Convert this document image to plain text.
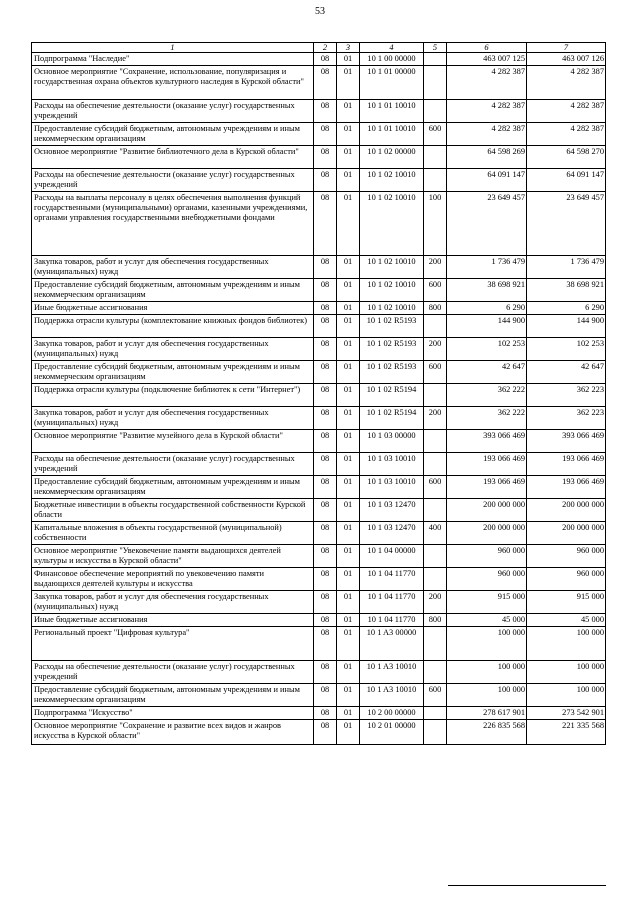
53
1	2	3	4	5	6	7
Подпрограмма "Наследие"	08	01	10 1 00 00000		463 007 125	463 007 126
Основное мероприятие "Сохранение, использование, популяризация и государственная охрана объектов культурного наследия в Курской области"	08	01	10 1 01 00000		4 282 387	4 282 387
Расходы на обеспечение деятельности (оказание услуг) государственных учреждений	08	01	10 1 01 10010		4 282 387	4 282 387
Предоставление субсидий бюджетным, автономным учреждениям и иным некоммерческим организациям	08	01	10 1 01 10010	600	4 282 387	4 282 387
Основное мероприятие "Развитие библиотечного дела в Курской области"	08	01	10 1 02 00000		64 598 269	64 598 270
Расходы на обеспечение деятельности (оказание услуг) государственных учреждений	08	01	10 1 02 10010		64 091 147	64 091 147
Расходы на выплаты персоналу в целях обеспечения выполнения функций государственными (муниципальными) органами, казенными учреждениями, органами управления государственными внебюджетными фондами	08	01	10 1 02 10010	100	23 649 457	23 649 457
Закупка товаров, работ и услуг для обеспечения государственных (муниципальных) нужд	08	01	10 1 02 10010	200	1 736 479	1 736 479
Предоставление субсидий бюджетным, автономным учреждениям и иным некоммерческим организациям	08	01	10 1 02 10010	600	38 698 921	38 698 921
Иные бюджетные ассигнования	08	01	10 1 02 10010	800	6 290	6 290
Поддержка отрасли культуры (комплектование книжных фондов библиотек)	08	01	10 1 02 R5193		144 900	144 900
Закупка товаров, работ и услуг для обеспечения государственных (муниципальных) нужд	08	01	10 1 02 R5193	200	102 253	102 253
Предоставление субсидий бюджетным, автономным учреждениям и иным некоммерческим организациям	08	01	10 1 02 R5193	600	42 647	42 647
Поддержка отрасли культуры (подключение библиотек к сети "Интернет")	08	01	10 1 02 R5194		362 222	362 223
Закупка товаров, работ и услуг для обеспечения государственных (муниципальных) нужд	08	01	10 1 02 R5194	200	362 222	362 223
Основное мероприятие "Развитие музейного дела в Курской области"	08	01	10 1 03 00000		393 066 469	393 066 469
Расходы на обеспечение деятельности (оказание услуг) государственных учреждений	08	01	10 1 03 10010		193 066 469	193 066 469
Предоставление субсидий бюджетным, автономным учреждениям и иным некоммерческим организациям	08	01	10 1 03 10010	600	193 066 469	193 066 469
Бюджетные инвестиции в объекты государственной собственности Курской области	08	01	10 1 03 12470		200 000 000	200 000 000
Капитальные вложения в объекты государственной (муниципальной) собственности	08	01	10 1 03 12470	400	200 000 000	200 000 000
Основное мероприятие "Увековечение памяти выдающихся деятелей культуры и искусства в Курской области"	08	01	10 1 04 00000		960 000	960 000
Финансовое обеспечение мероприятий по увековечению памяти выдающихся деятелей культуры и искусства	08	01	10 1 04 11770		960 000	960 000
Закупка товаров, работ и услуг для обеспечения государственных (муниципальных) нужд	08	01	10 1 04 11770	200	915 000	915 000
Иные бюджетные ассигнования	08	01	10 1 04 11770	800	45 000	45 000
Региональный проект "Цифровая культура"	08	01	10 1 A3 00000		100 000	100 000
Расходы на обеспечение деятельности (оказание услуг) государственных учреждений	08	01	10 1 A3 10010		100 000	100 000
Предоставление субсидий бюджетным, автономным учреждениям и иным некоммерческим организациям	08	01	10 1 A3 10010	600	100 000	100 000
Подпрограмма "Искусство"	08	01	10 2 00 00000		278 617 901	273 542 901
Основное мероприятие "Сохранение и развитие всех видов и жанров искусства в Курской области"	08	01	10 2 01 00000		226 835 568	221 335 568
